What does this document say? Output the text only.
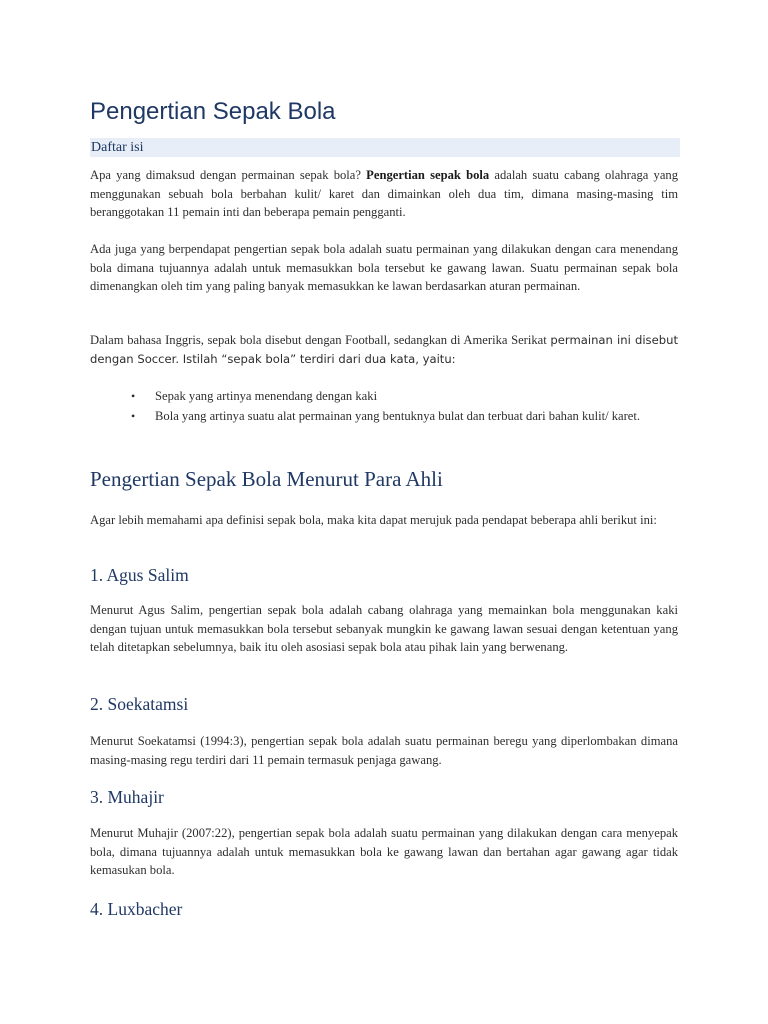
Pengertian Sepak Bola
Daftar isi

Apa yang dimaksud dengan permainan sepak bola? Pengertian sepak bola adalah suatu cabang olahraga yang menggunakan sebuah bola berbahan kulit/ karet dan dimainkan oleh dua tim, dimana masing-masing tim beranggotakan 11 pemain inti dan beberapa pemain pengganti.

Ada juga yang berpendapat pengertian sepak bola adalah suatu permainan yang dilakukan dengan cara menendang bola dimana tujuannya adalah untuk memasukkan bola tersebut ke gawang lawan. Suatu permainan sepak bola dimenangkan oleh tim yang paling banyak memasukkan ke lawan berdasarkan aturan permainan.

Dalam bahasa Inggris, sepak bola disebut dengan Football, sedangkan di Amerika Serikat permainan ini disebut dengan Soccer. Istilah “sepak bola” terdiri dari dua kata, yaitu:

• Sepak yang artinya menendang dengan kaki
• Bola yang artinya suatu alat permainan yang bentuknya bulat dan terbuat dari bahan kulit/ karet.
Pengertian Sepak Bola Menurut Para Ahli

Agar lebih memahami apa definisi sepak bola, maka kita dapat merujuk pada pendapat beberapa ahli berikut ini:

1. Agus Salim

Menurut Agus Salim, pengertian sepak bola adalah cabang olahraga yang memainkan bola menggunakan kaki dengan tujuan untuk memasukkan bola tersebut sebanyak mungkin ke gawang lawan sesuai dengan ketentuan yang telah ditetapkan sebelumnya, baik itu oleh asosiasi sepak bola atau pihak lain yang berwenang.

2. Soekatamsi

Menurut Soekatamsi (1994:3), pengertian sepak bola adalah suatu permainan beregu yang diperlombakan dimana masing-masing regu terdiri dari 11 pemain termasuk penjaga gawang.

3. Muhajir

Menurut Muhajir (2007:22), pengertian sepak bola adalah suatu permainan yang dilakukan dengan cara menyepak bola, dimana tujuannya adalah untuk memasukkan bola ke gawang lawan dan bertahan agar gawang agar tidak kemasukan bola.

4. Luxbacher
